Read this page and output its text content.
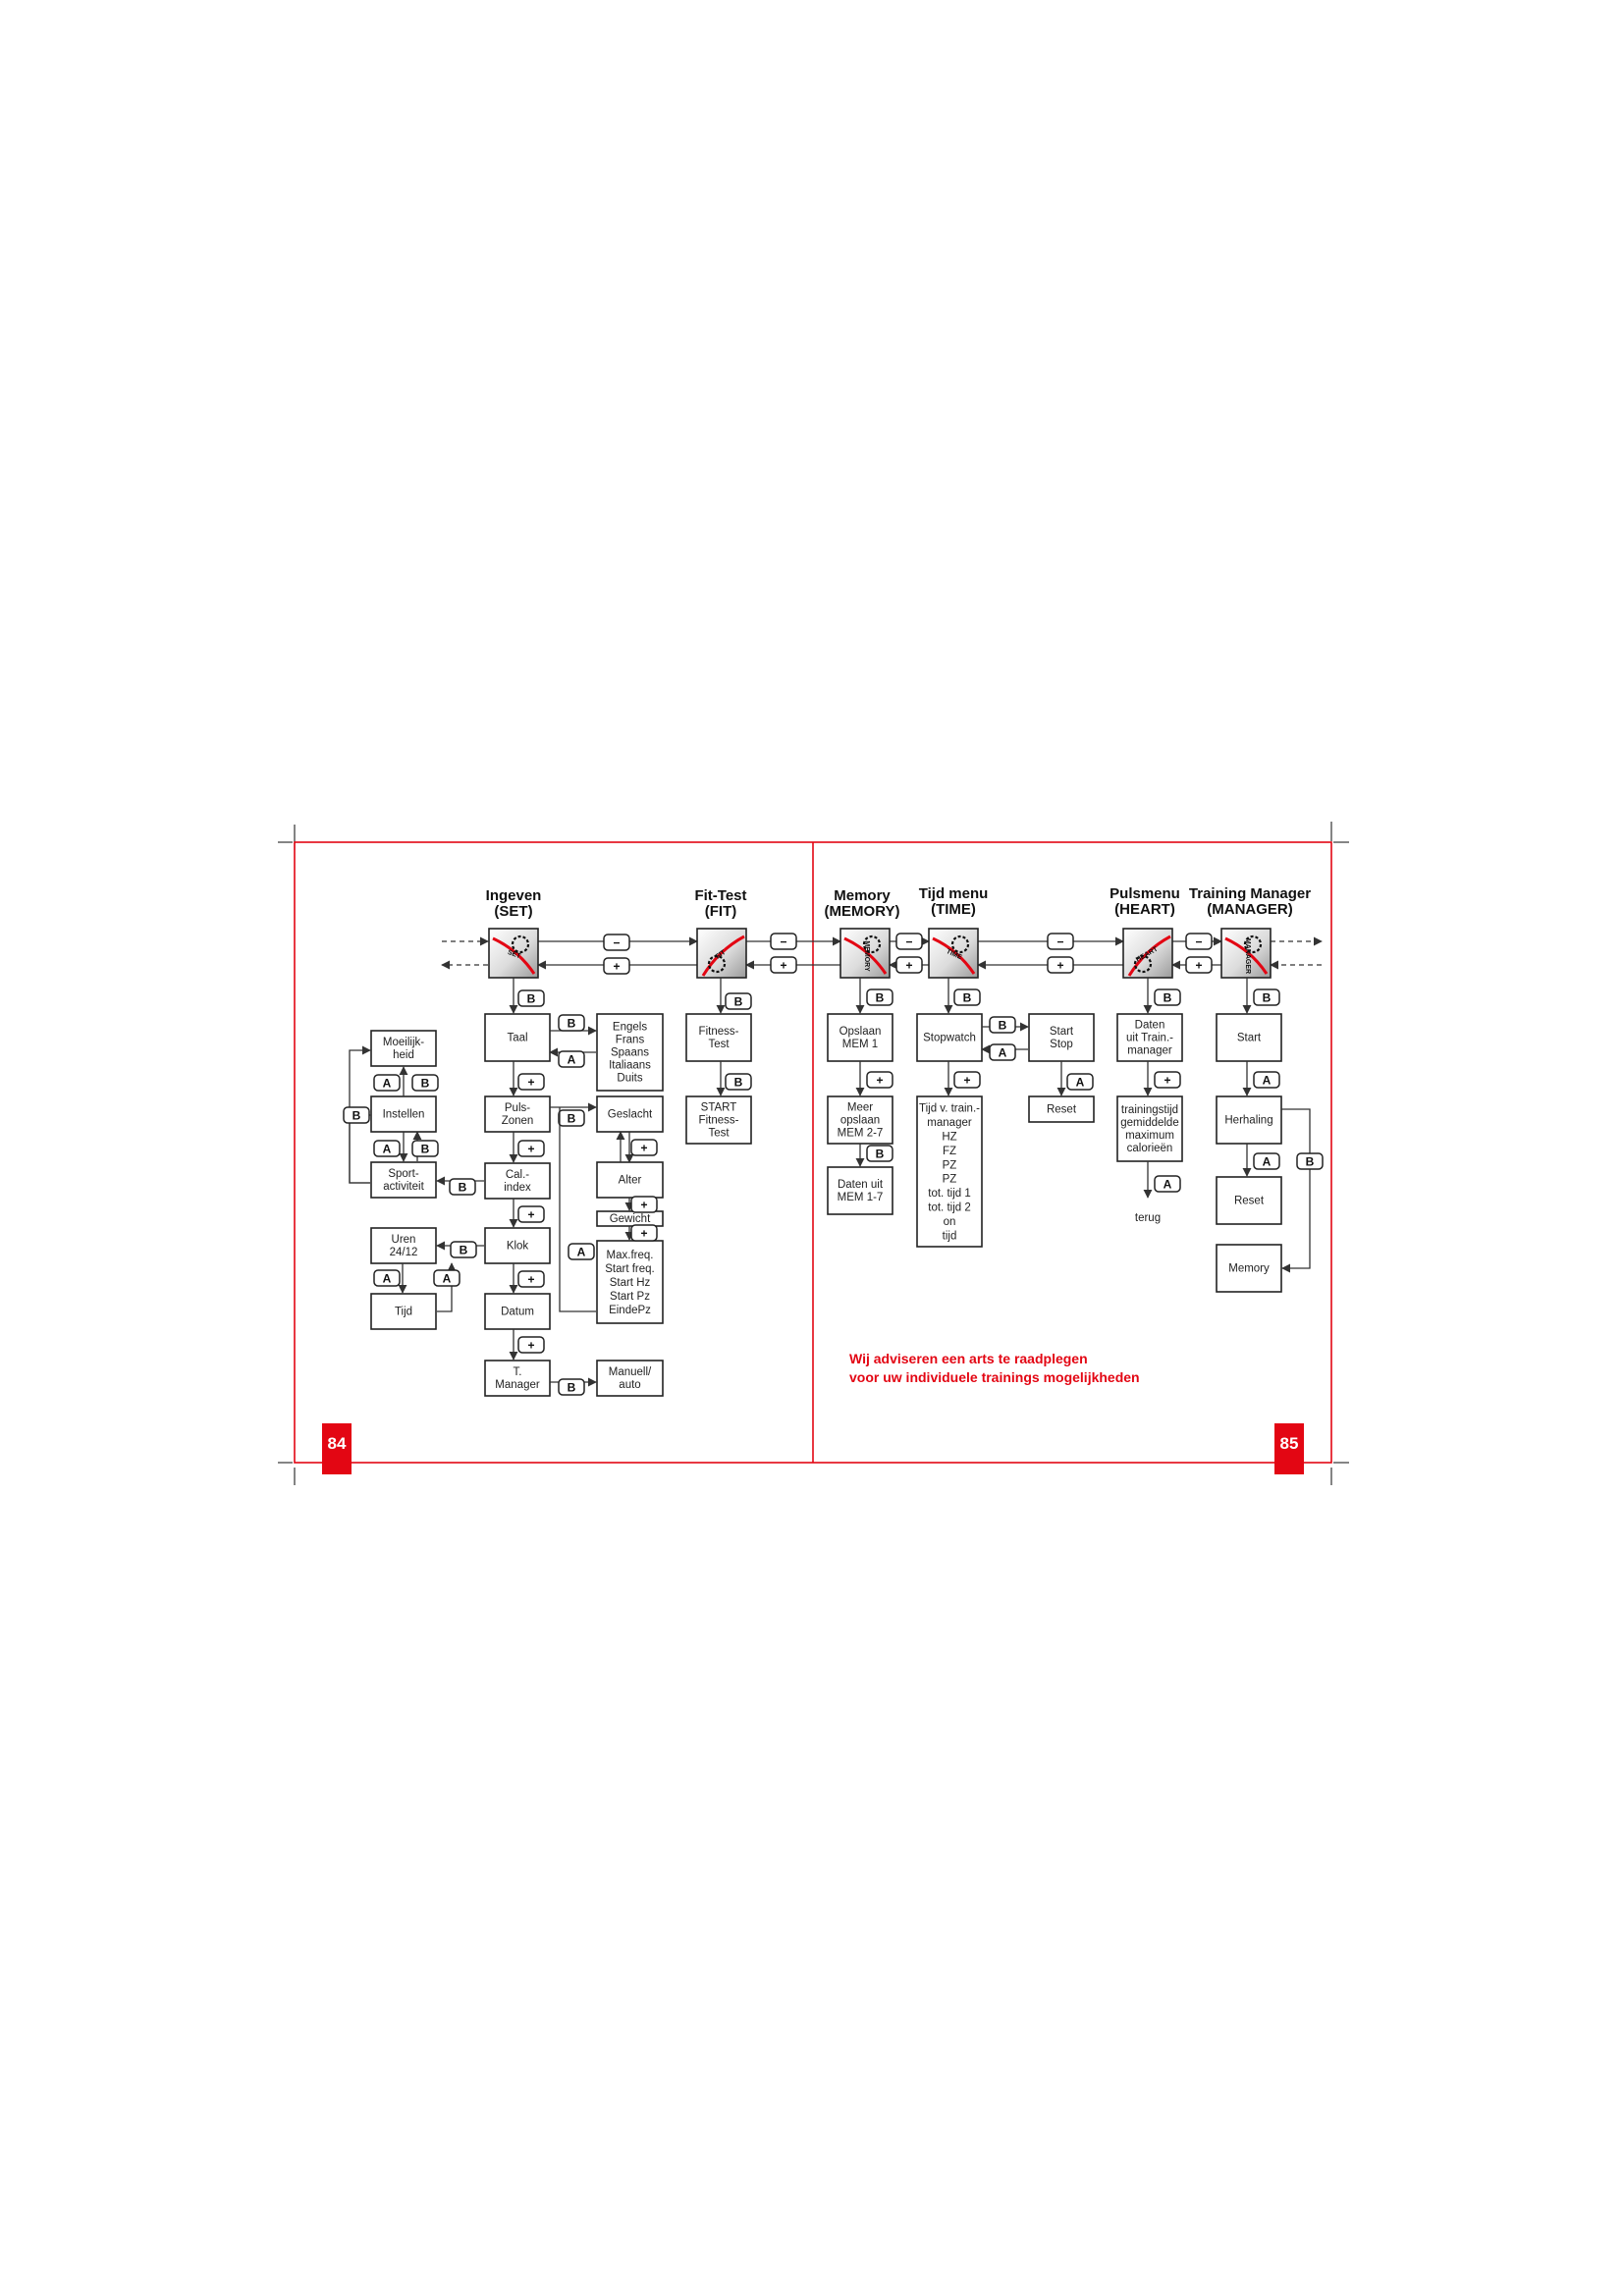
84	85
Ingeven
(SET)
Fit-Test
(FIT)
Memory
(MEMORY)
Tijd menu
(TIME)
Pulsmenu
(HEART)
Training Manager
(MANAGER)
−
+
−
+
−
+
−
+
−
+
SET	FIT	MEMORY	TIME	HEART	MANAGER
Taal
Engels
Frans
Spaans
Italiaans
Duits
Puls-
Zonen
Geslacht
Cal.-
index
Alter
Gewicht
Klok
Max.freq.
Start freq.
Start Hz
Start Pz
EindePz
Datum
T.
Manager
Manuell/
auto
Moeilijk-
heid
Instellen
Sport-
activiteit
Uren
24/12
Tijd
B
B
A
+
+
+
+
+
B
B
+
+
+
A
B
A	B
A	B
B
B
A	A
Fitness-
Test
START
Fitness-
Test
B
B
Opslaan
MEM 1
Meer
opslaan
MEM 2-7
Daten uit
MEM 1-7
B
+
B
Stopwatch
Start
Stop
Reset
Tijd v. train.-
manager
HZ
FZ
PZ
PZ
tot. tijd 1
tot. tijd 2
on
tijd
B
B
A
A
+
Daten
uit Train.-
manager
trainingstijd
gemiddelde
maximum
calorieën
B
+
A
terug
Start
Herhaling
Reset
Memory
B
A
A	B
Wij adviseren een arts te raadplegen
voor uw individuele trainings mogelijkheden
